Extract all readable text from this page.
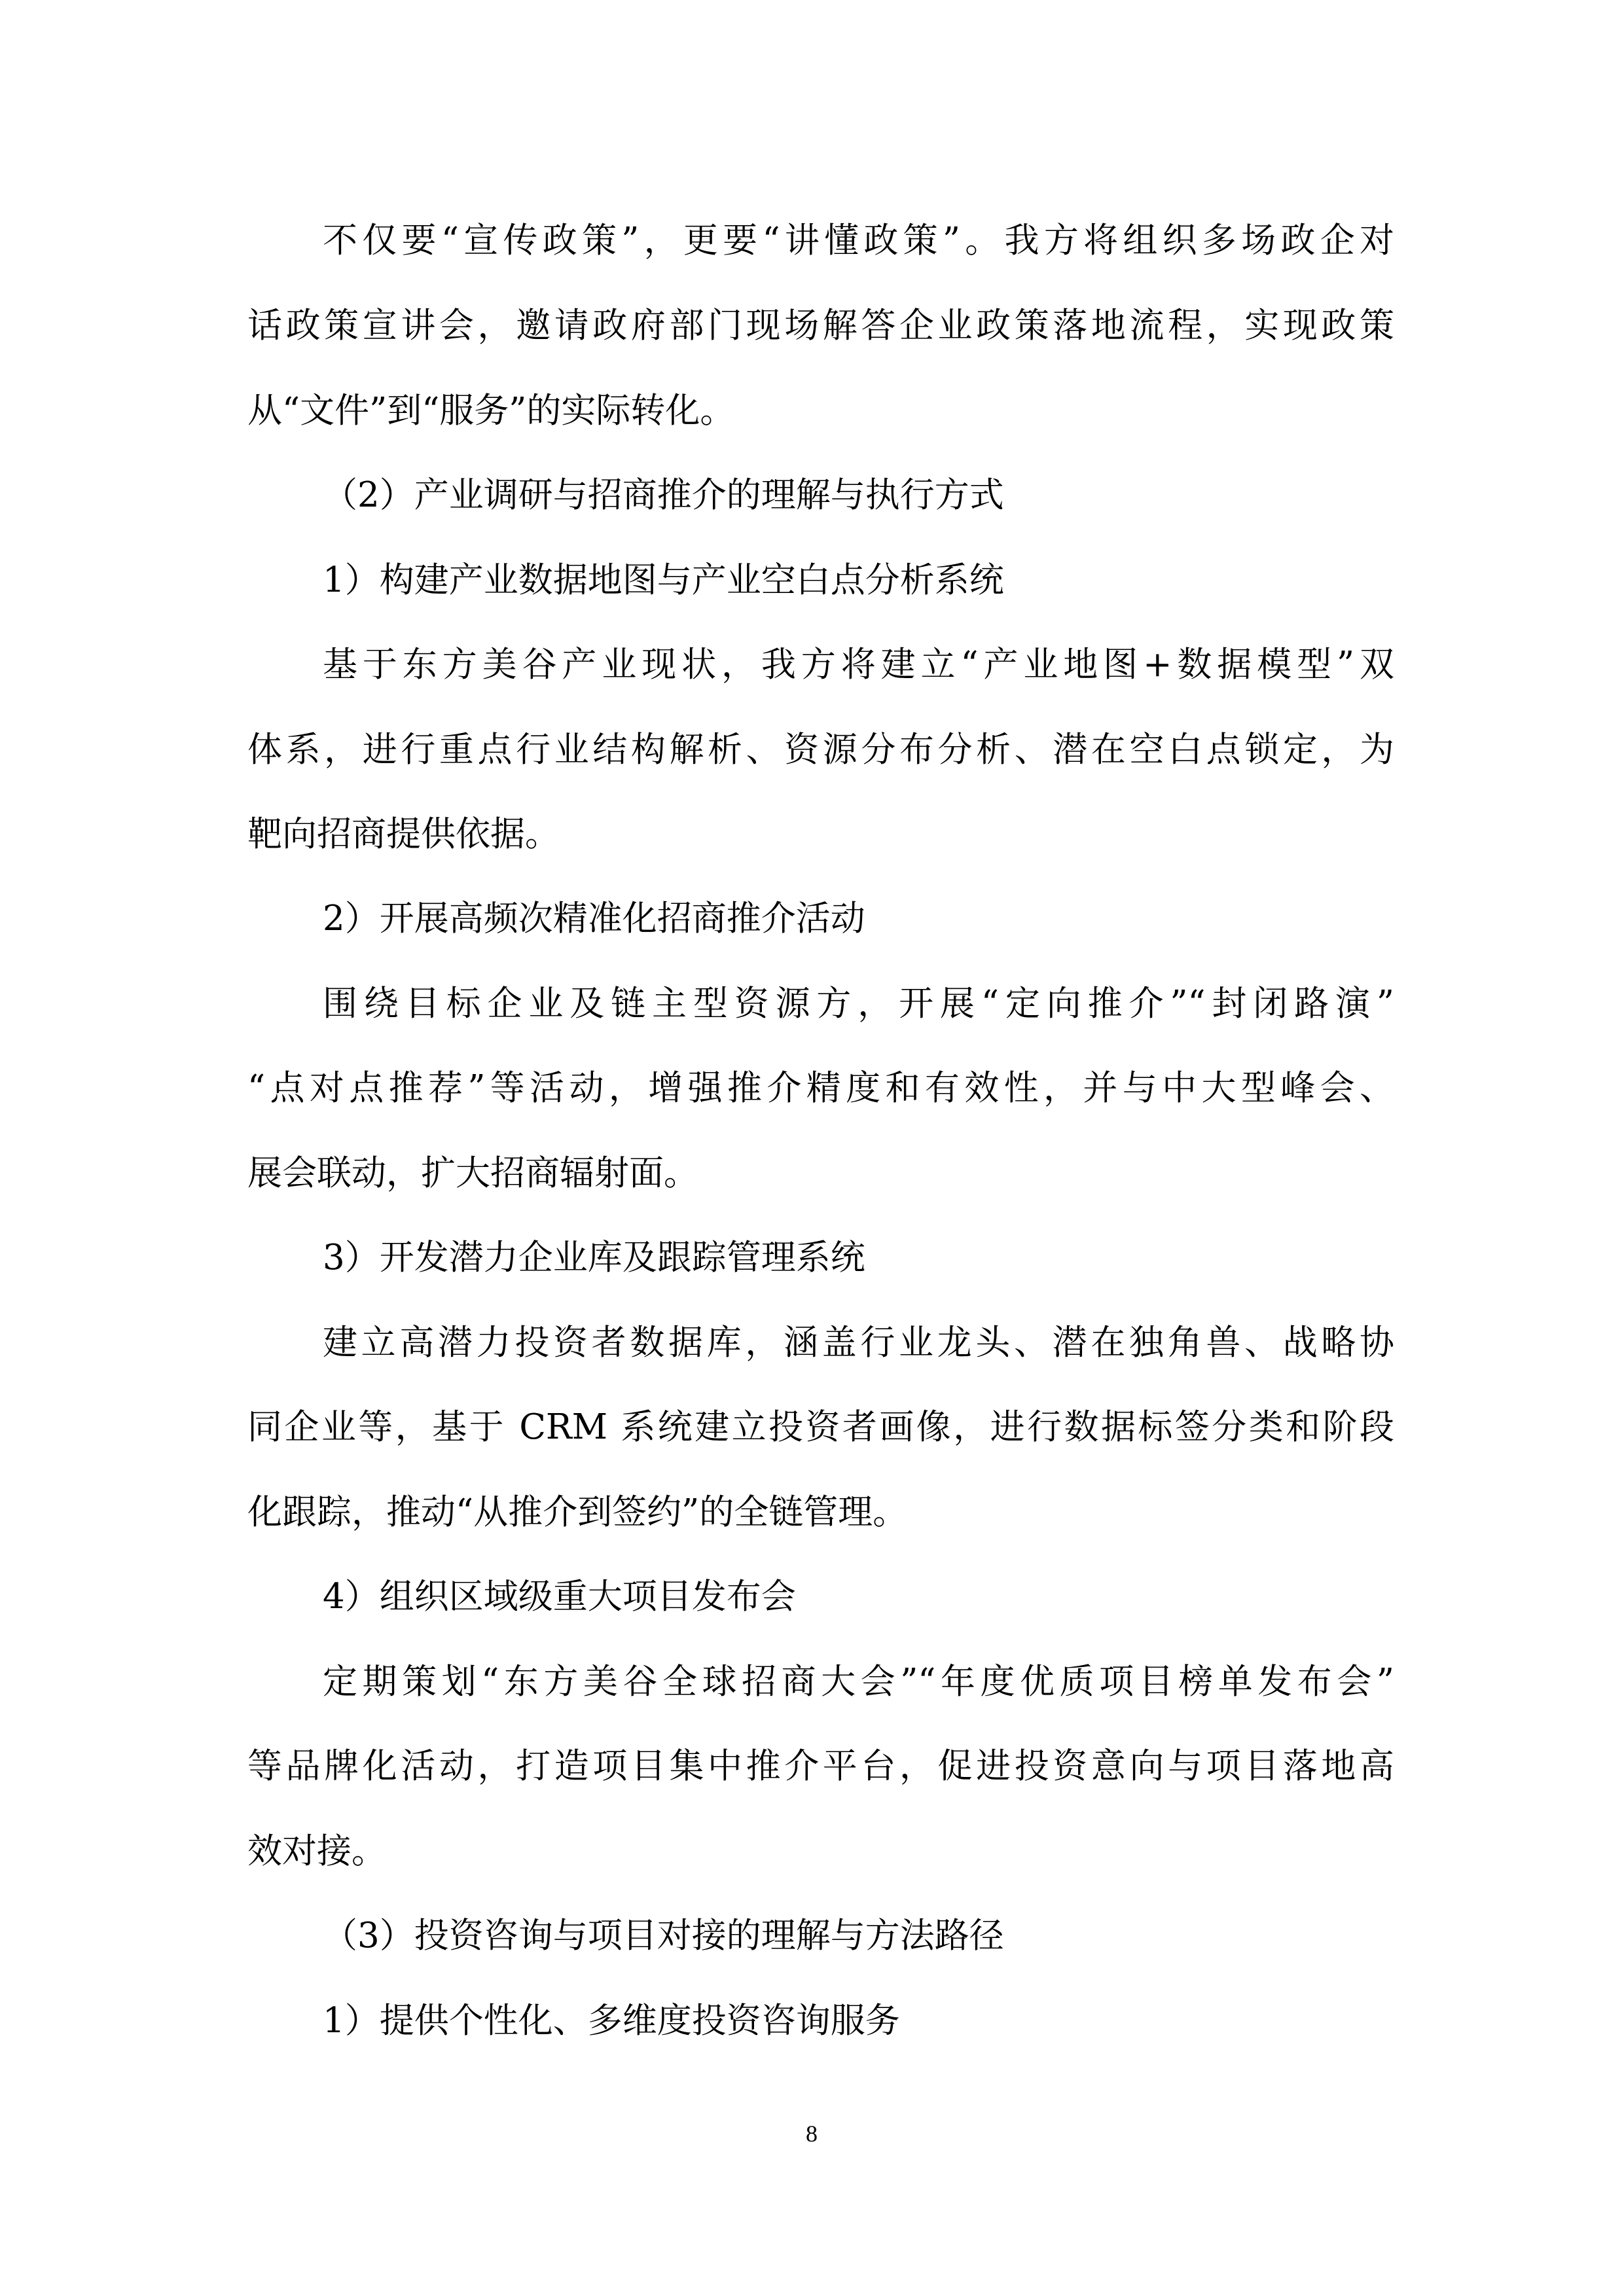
不仅要“宣传政策”，更要“讲懂政策”。我方将组织多场政企对
话政策宣讲会，邀请政府部门现场解答企业政策落地流程，实现政策
从“文件”到“服务”的实际转化。
（2）产业调研与招商推介的理解与执行方式
1）构建产业数据地图与产业空白点分析系统
基于东方美谷产业现状，我方将建立“产业地图+数据模型”双
体系，进行重点行业结构解析、资源分布分析、潜在空白点锁定，为
靶向招商提供依据。
2）开展高频次精准化招商推介活动
围绕目标企业及链主型资源方，开展“定向推介”“封闭路演”
“点对点推荐”等活动，增强推介精度和有效性，并与中大型峰会、
展会联动，扩大招商辐射面。
3）开发潜力企业库及跟踪管理系统
建立高潜力投资者数据库，涵盖行业龙头、潜在独角兽、战略协
同企业等，基于 CRM 系统建立投资者画像，进行数据标签分类和阶段
化跟踪，推动“从推介到签约”的全链管理。
4）组织区域级重大项目发布会
定期策划“东方美谷全球招商大会”“年度优质项目榜单发布会”
等品牌化活动，打造项目集中推介平台，促进投资意向与项目落地高
效对接。
（3）投资咨询与项目对接的理解与方法路径
1）提供个性化、多维度投资咨询服务
8
